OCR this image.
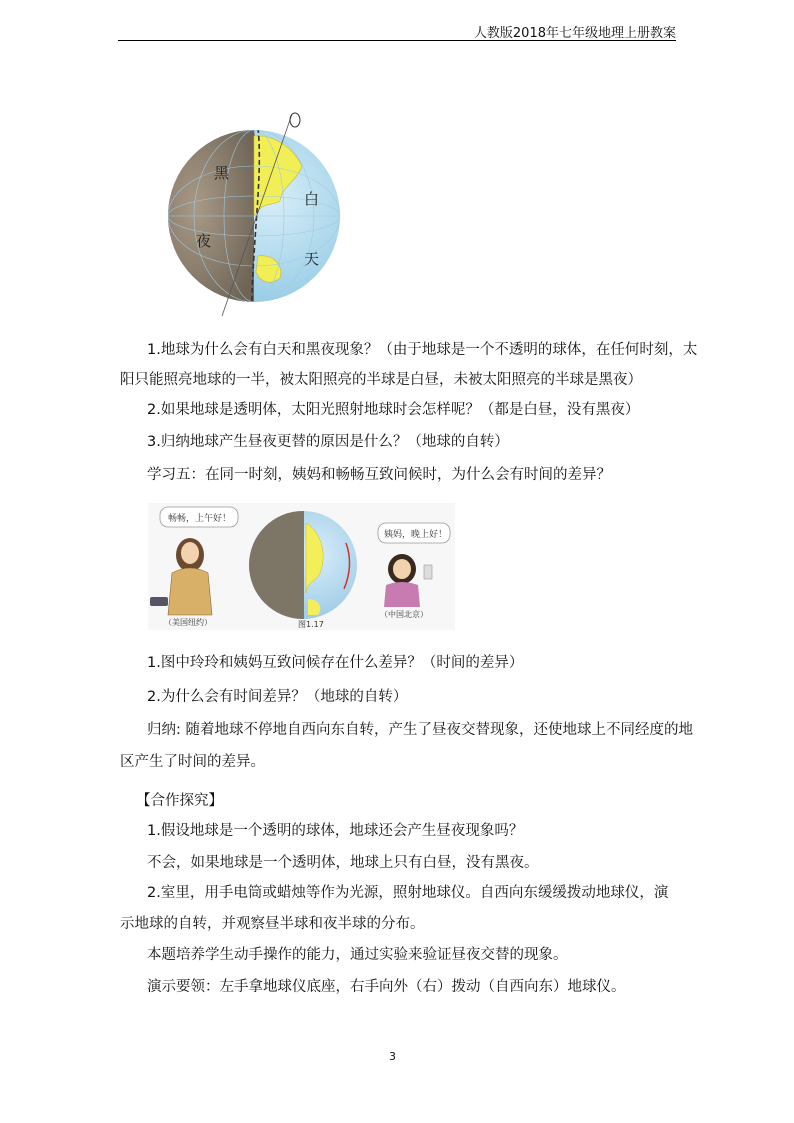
人教版2018年七年级地理上册教案
黑
夜
白
天
畅畅，上午好！
（美国纽约）	图1.17
姨妈，晚上好！
（中国北京）
1.地球为什么会有白天和黑夜现象？（由于地球是一个不透明的球体，在任何时刻，太
阳只能照亮地球的一半，被太阳照亮的半球是白昼，未被太阳照亮的半球是黑夜）
2.如果地球是透明体，太阳光照射地球时会怎样呢？（都是白昼，没有黑夜）
3.归纳地球产生昼夜更替的原因是什么？（地球的自转）
学习五：在同一时刻，姨妈和畅畅互致问候时，为什么会有时间的差异？
1.图中玲玲和姨妈互致问候存在什么差异？（时间的差异）
2.为什么会有时间差异？（地球的自转）
归纳: 随着地球不停地自西向东自转，产生了昼夜交替现象，还使地球上不同经度的地
区产生了时间的差异。
【合作探究】
1.假设地球是一个透明的球体，地球还会产生昼夜现象吗？
不会，如果地球是一个透明体，地球上只有白昼，没有黑夜。
2.室里，用手电筒或蜡烛等作为光源，照射地球仪。自西向东缓缓拨动地球仪，演
示地球的自转，并观察昼半球和夜半球的分布。
本题培养学生动手操作的能力，通过实验来验证昼夜交替的现象。
演示要领：左手拿地球仪底座，右手向外（右）拨动（自西向东）地球仪。
3
